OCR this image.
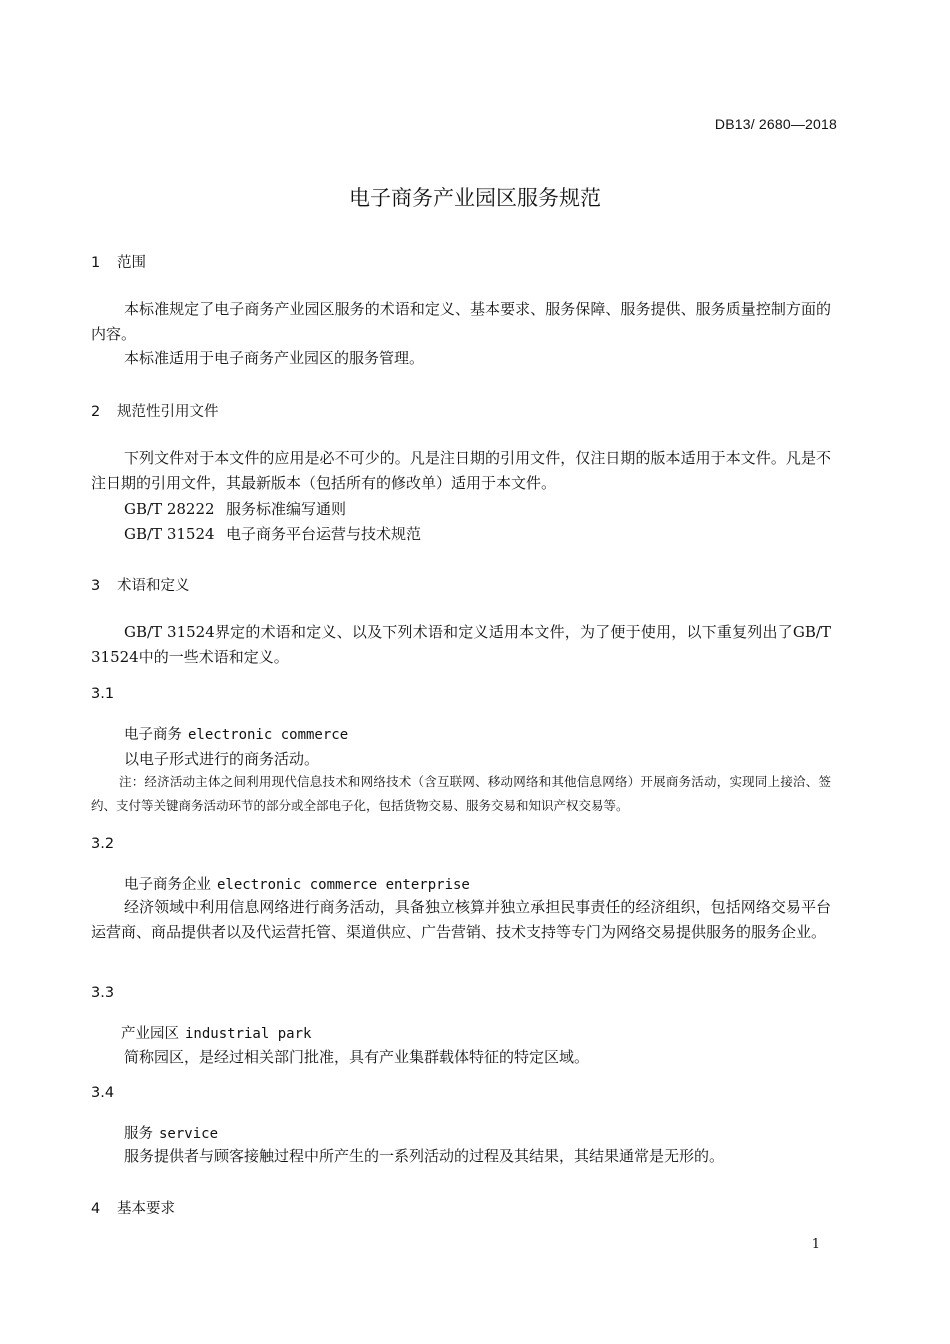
DB13/ 2680—2018
电子商务产业园区服务规范
1 范围
本标准规定了电子商务产业园区服务的术语和定义、基本要求、服务保障、服务提供、服务质量控制方面的内容。
本标准适用于电子商务产业园区的服务管理。
2 规范性引用文件
下列文件对于本文件的应用是必不可少的。凡是注日期的引用文件，仅注日期的版本适用于本文件。凡是不注日期的引用文件，其最新版本（包括所有的修改单）适用于本文件。
GB/T 28222 服务标准编写通则
GB/T 31524 电子商务平台运营与技术规范
3 术语和定义
GB/T 31524界定的术语和定义、以及下列术语和定义适用本文件，为了便于使用，以下重复列出了GB/T 31524中的一些术语和定义。
3.1
电子商务 electronic commerce
以电子形式进行的商务活动。
注：经济活动主体之间利用现代信息技术和网络技术（含互联网、移动网络和其他信息网络）开展商务活动，实现同上接洽、签约、支付等关键商务活动环节的部分或全部电子化，包括货物交易、服务交易和知识产权交易等。
3.2
电子商务企业 electronic commerce enterprise
经济领域中利用信息网络进行商务活动，具备独立核算并独立承担民事责任的经济组织，包括网络交易平台运营商、商品提供者以及代运营托管、渠道供应、广告营销、技术支持等专门为网络交易提供服务的服务企业。
3.3
产业园区 industrial park
简称园区，是经过相关部门批准，具有产业集群载体特征的特定区域。
3.4
服务 service
服务提供者与顾客接触过程中所产生的一系列活动的过程及其结果，其结果通常是无形的。
4 基本要求
1
